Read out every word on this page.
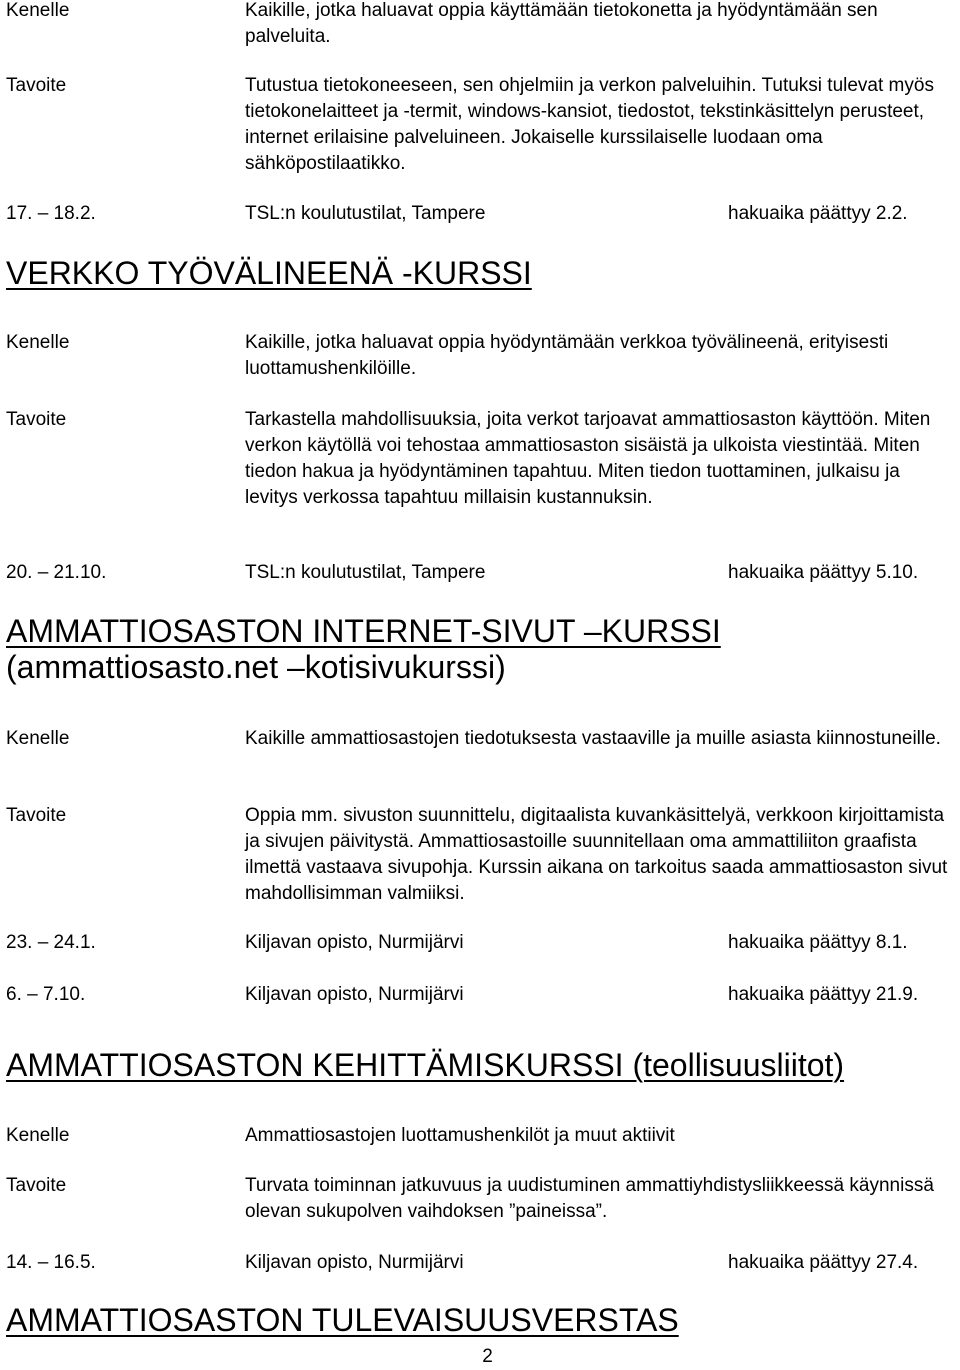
Kenelle	Kaikille, jotka haluavat oppia käyttämään tietokonetta ja hyödyntämään sen palveluita.
Tavoite	Tutustua tietokoneeseen, sen ohjelmiin ja verkon palveluihin. Tutuksi tulevat myös tietokonelaitteet ja -termit, windows-kansiot, tiedostot, tekstinkäsittelyn perusteet, internet erilaisine palveluineen. Jokaiselle kurssilaiselle luodaan oma sähköpostilaatikko.
17. – 18.2.	TSL:n koulutustilat, Tampere	hakuaika päättyy 2.2.
VERKKO TYÖVÄLINEENÄ -KURSSI
Kenelle	Kaikille, jotka haluavat oppia hyödyntämään verkkoa työvälineenä, erityisesti luottamushenkilöille.
Tavoite	Tarkastella mahdollisuuksia, joita verkot tarjoavat ammattiosaston käyttöön. Miten verkon käytöllä voi tehostaa ammattiosaston sisäistä ja ulkoista viestintää. Miten tiedon hakua ja hyödyntäminen tapahtuu. Miten tiedon tuottaminen, julkaisu ja levitys verkossa tapahtuu millaisin kustannuksin.
20. – 21.10.	TSL:n koulutustilat, Tampere	hakuaika päättyy 5.10.
AMMATTIOSASTON INTERNET-SIVUT –KURSSI
(ammattiosasto.net –kotisivukurssi)
Kenelle	Kaikille ammattiosastojen tiedotuksesta vastaaville ja muille asiasta kiinnostuneille.
Tavoite	Oppia mm. sivuston suunnittelu, digitaalista kuvankäsittelyä, verkkoon kirjoittamista ja sivujen päivitystä. Ammattiosastoille suunnitellaan oma ammattiliiton graafista ilmettä vastaava sivupohja. Kurssin aikana on tarkoitus saada ammattiosaston sivut mahdollisimman valmiiksi.
23. – 24.1.	Kiljavan opisto, Nurmijärvi	hakuaika päättyy 8.1.
6. – 7.10.	Kiljavan opisto, Nurmijärvi	hakuaika päättyy 21.9.
AMMATTIOSASTON KEHITTÄMISKURSSI (teollisuusliitot)
Kenelle	Ammattiosastojen luottamushenkilöt ja muut aktiivit
Tavoite	Turvata toiminnan jatkuvuus ja uudistuminen ammattiyhdistysliikkeessä käynnissä olevan sukupolven vaihdoksen ”paineissa”.
14. – 16.5.	Kiljavan opisto, Nurmijärvi	hakuaika päättyy 27.4.
AMMATTIOSASTON TULEVAISUUSVERSTAS
2
